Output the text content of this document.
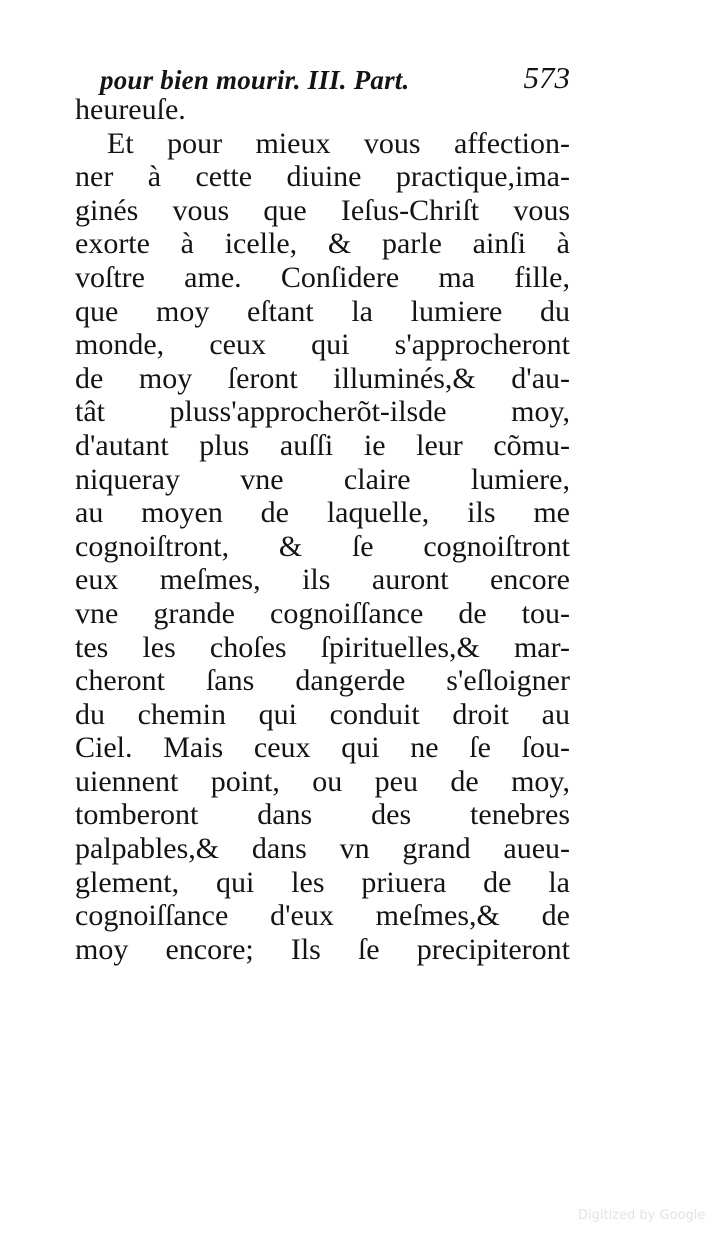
pour bien mourir. III. Part.	573
heureuſe.
Et pour mieux vous affection-
ner à cette diuine practique,ima-
ginés vous que Ieſus-Chriſt vous
exorte à icelle, & parle ainſi à
voſtre ame. Conſidere ma fille,
que moy eſtant la lumiere du
monde, ceux qui s'approcheront
de moy ſeront illuminés,& d'au-
tât pluss'approcherõt-ilsde moy,
d'autant plus auſſi ie leur cõmu-
niqueray vne claire lumiere,
au moyen de laquelle, ils me
cognoiſtront, & ſe cognoiſtront
eux meſmes, ils auront encore
vne grande cognoiſſance de tou-
tes les choſes ſpirituelles,& mar-
cheront ſans dangerde s'eſloigner
du chemin qui conduit droit au
Ciel. Mais ceux qui ne ſe ſou-
uiennent point, ou peu de moy,
tomberont dans des tenebres
palpables,& dans vn grand aueu-
glement, qui les priuera de la
cognoiſſance d'eux meſmes,& de
moy encore; Ils ſe precipiteront
Digitized by Google
